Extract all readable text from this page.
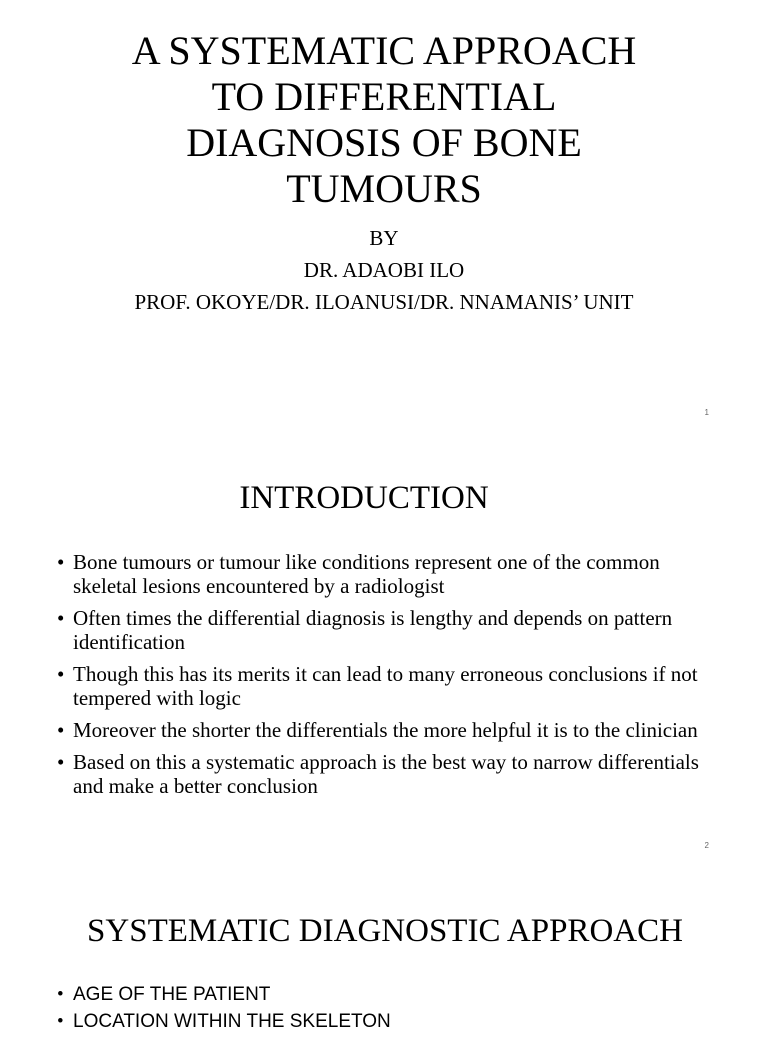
A SYSTEMATIC APPROACH
TO DIFFERENTIAL
DIAGNOSIS OF BONE
TUMOURS

BY

DR. ADAOBI ILO

PROF. OKOYE/DR. ILOANUSI/DR. NNAMANIS’ UNIT

1
INTRODUCTION
• Bone tumours or tumour like conditions represent one of the common skeletal lesions encountered by a radiologist
• Often times the differential diagnosis is lengthy and depends on pattern identification
• Though this has its merits it can lead to many erroneous conclusions if not tempered with logic
• Moreover the shorter the differentials the more helpful it is to the clinician
• Based on this a systematic approach is the best way to narrow differentials and make a better conclusion
2
SYSTEMATIC DIAGNOSTIC APPROACH
• AGE OF THE PATIENT
• LOCATION WITHIN THE SKELETON
